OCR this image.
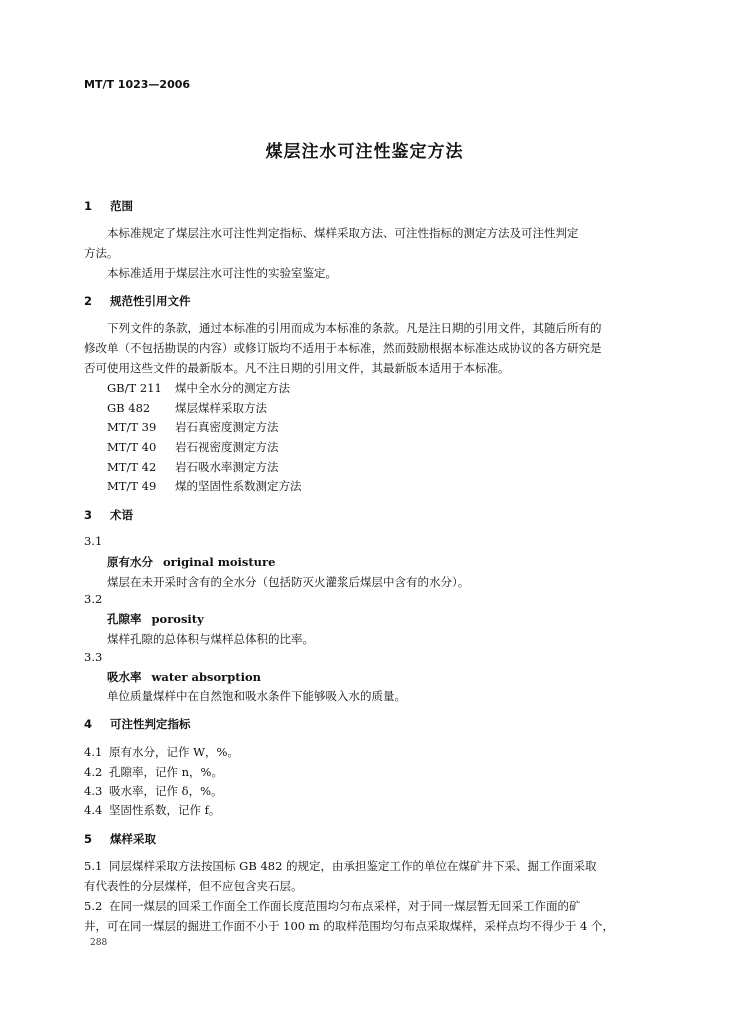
MT/T 1023—2006
煤层注水可注性鉴定方法
1 范围
本标准规定了煤层注水可注性判定指标、煤样采取方法、可注性指标的测定方法及可注性判定
方法。
本标准适用于煤层注水可注性的实验室鉴定。
2 规范性引用文件
下列文件的条款，通过本标准的引用而成为本标准的条款。凡是注日期的引用文件，其随后所有的
修改单（不包括勘误的内容）或修订版均不适用于本标准，然而鼓励根据本标准达成协议的各方研究是
否可使用这些文件的最新版本。凡不注日期的引用文件，其最新版本适用于本标准。
GB/T 211 煤中全水分的测定方法
GB 482 煤层煤样采取方法
MT/T 39 岩石真密度测定方法
MT/T 40 岩石视密度测定方法
MT/T 42 岩石吸水率测定方法
MT/T 49 煤的坚固性系数测定方法
3 术语
3.1
原有水分 original moisture
煤层在未开采时含有的全水分（包括防灭火灌浆后煤层中含有的水分）。
3.2
孔隙率 porosity
煤样孔隙的总体积与煤样总体积的比率。
3.3
吸水率 water absorption
单位质量煤样中在自然饱和吸水条件下能够吸入水的质量。
4 可注性判定指标
4.1 原有水分，记作 W，%。
4.2 孔隙率，记作 n，%。
4.3 吸水率，记作 δ，%。
4.4 坚固性系数，记作 f。
5 煤样采取
5.1 同层煤样采取方法按国标 GB 482 的规定，由承担鉴定工作的单位在煤矿井下采、掘工作面采取
有代表性的分层煤样，但不应包含夹石层。
5.2 在同一煤层的回采工作面全工作面长度范围均匀布点采样，对于同一煤层暂无回采工作面的矿
井，可在同一煤层的掘进工作面不小于 100 m 的取样范围均匀布点采取煤样，采样点均不得少于 4 个，
288
